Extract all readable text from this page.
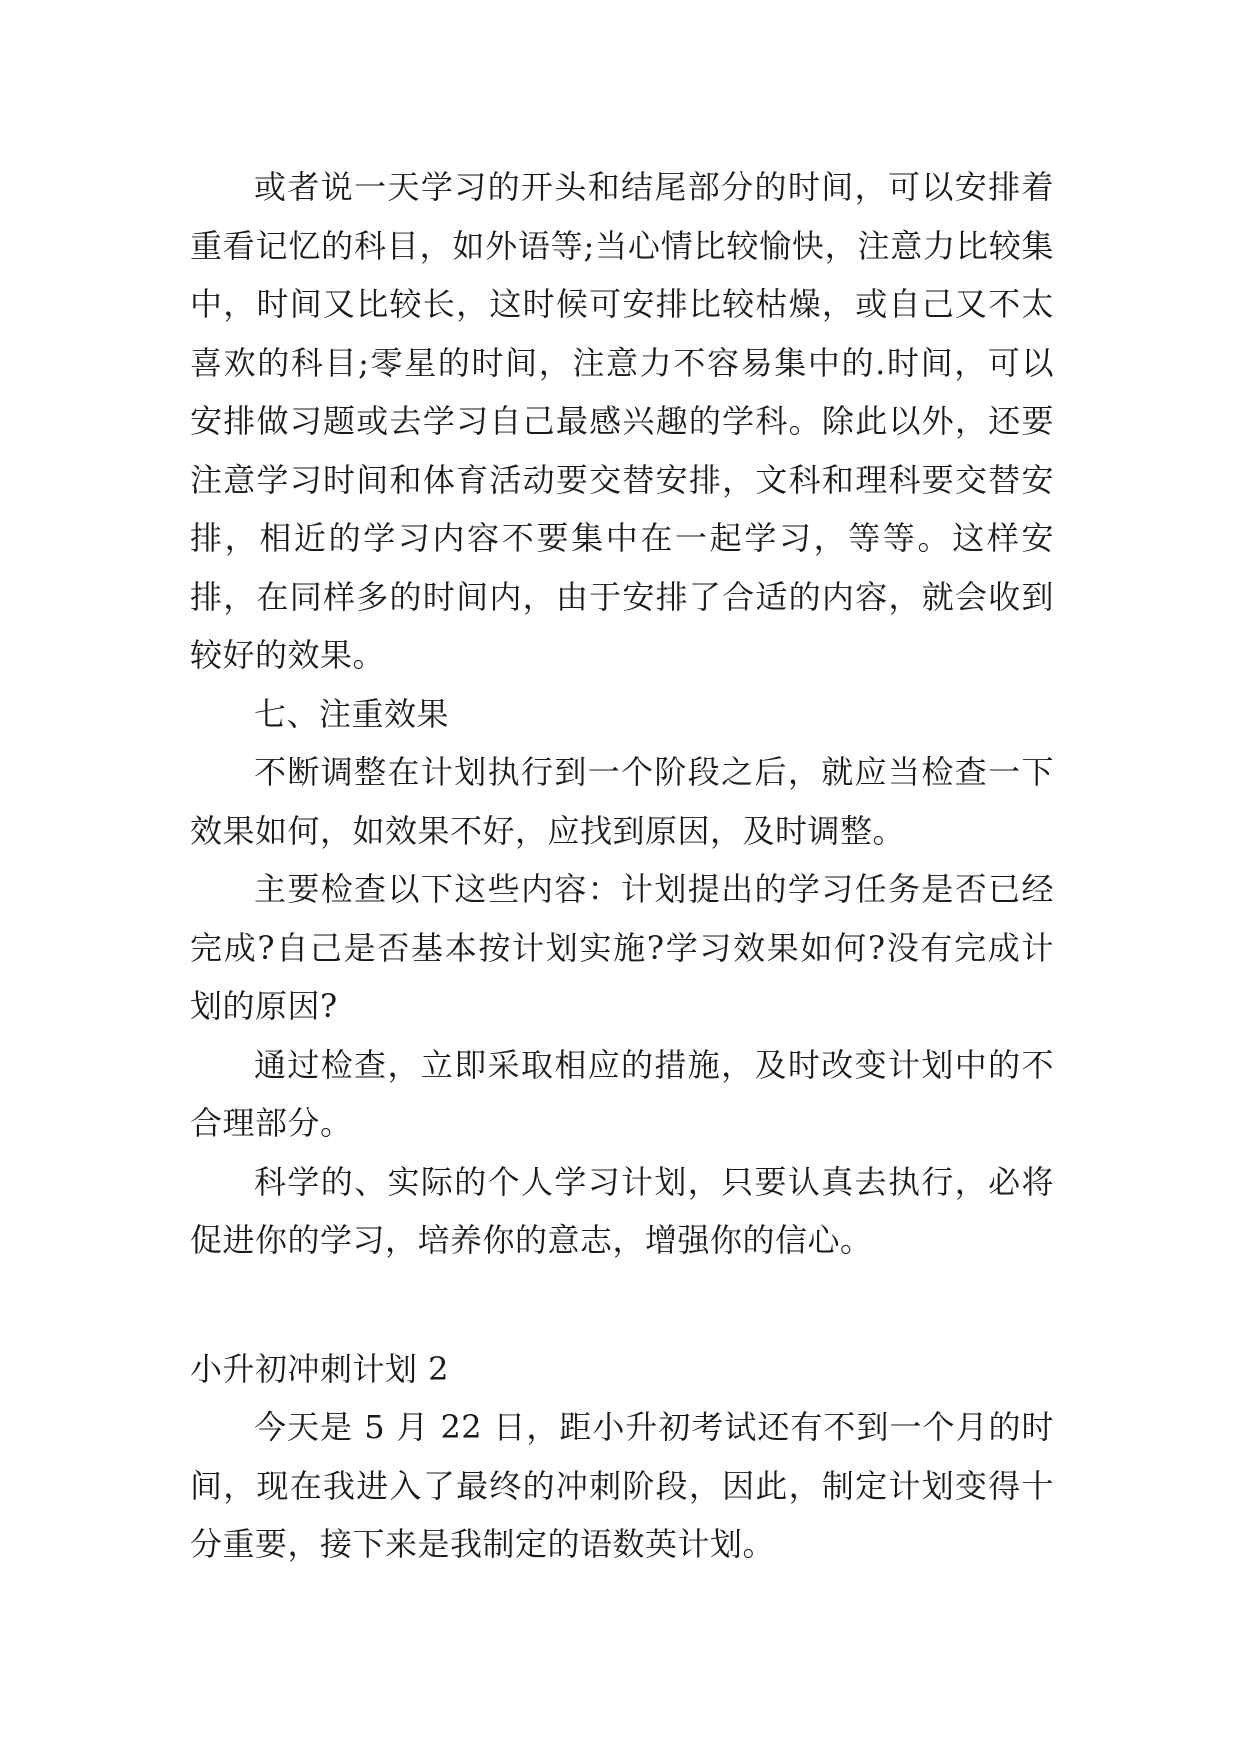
或者说一天学习的开头和结尾部分的时间，可以安排着重看记忆的科目，如外语等;当心情比较愉快，注意力比较集中，时间又比较长，这时候可安排比较枯燥，或自己又不太喜欢的科目;零星的时间，注意力不容易集中的.时间，可以安排做习题或去学习自己最感兴趣的学科。除此以外，还要注意学习时间和体育活动要交替安排，文科和理科要交替安排，相近的学习内容不要集中在一起学习，等等。这样安排，在同样多的时间内，由于安排了合适的内容，就会收到较好的效果。

七、注重效果

不断调整在计划执行到一个阶段之后，就应当检查一下效果如何，如效果不好，应找到原因，及时调整。

主要检查以下这些内容：计划提出的学习任务是否已经完成?自己是否基本按计划实施?学习效果如何?没有完成计划的原因?

通过检查，立即采取相应的措施，及时改变计划中的不合理部分。

科学的、实际的个人学习计划，只要认真去执行，必将促进你的学习，培养你的意志，增强你的信心。

小升初冲刺计划 2

今天是 5 月 22 日，距小升初考试还有不到一个月的时间，现在我进入了最终的冲刺阶段，因此，制定计划变得十分重要，接下来是我制定的语数英计划。
